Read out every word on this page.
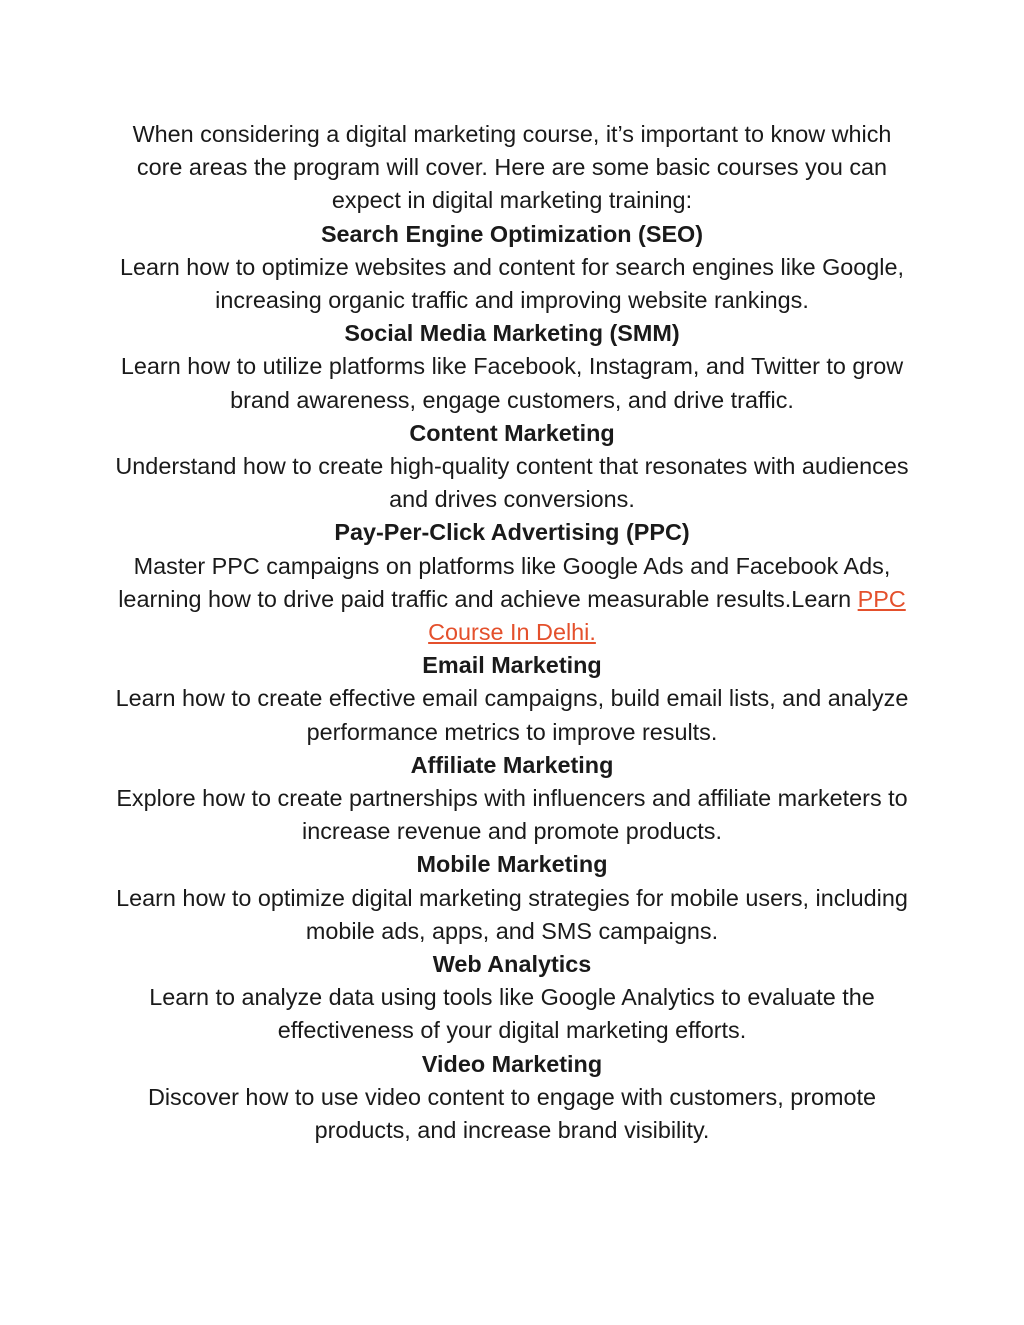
When considering a digital marketing course, it’s important to know which core areas the program will cover. Here are some basic courses you can expect in digital marketing training:

Search Engine Optimization (SEO)

Learn how to optimize websites and content for search engines like Google, increasing organic traffic and improving website rankings.

Social Media Marketing (SMM)

Learn how to utilize platforms like Facebook, Instagram, and Twitter to grow brand awareness, engage customers, and drive traffic.

Content Marketing

Understand how to create high-quality content that resonates with audiences and drives conversions.

Pay-Per-Click Advertising (PPC)

Master PPC campaigns on platforms like Google Ads and Facebook Ads, learning how to drive paid traffic and achieve measurable results.Learn PPC Course In Delhi.

Email Marketing

Learn how to create effective email campaigns, build email lists, and analyze performance metrics to improve results.

Affiliate Marketing

Explore how to create partnerships with influencers and affiliate marketers to increase revenue and promote products.

Mobile Marketing

Learn how to optimize digital marketing strategies for mobile users, including mobile ads, apps, and SMS campaigns.

Web Analytics

Learn to analyze data using tools like Google Analytics to evaluate the effectiveness of your digital marketing efforts.

Video Marketing

Discover how to use video content to engage with customers, promote products, and increase brand visibility.
